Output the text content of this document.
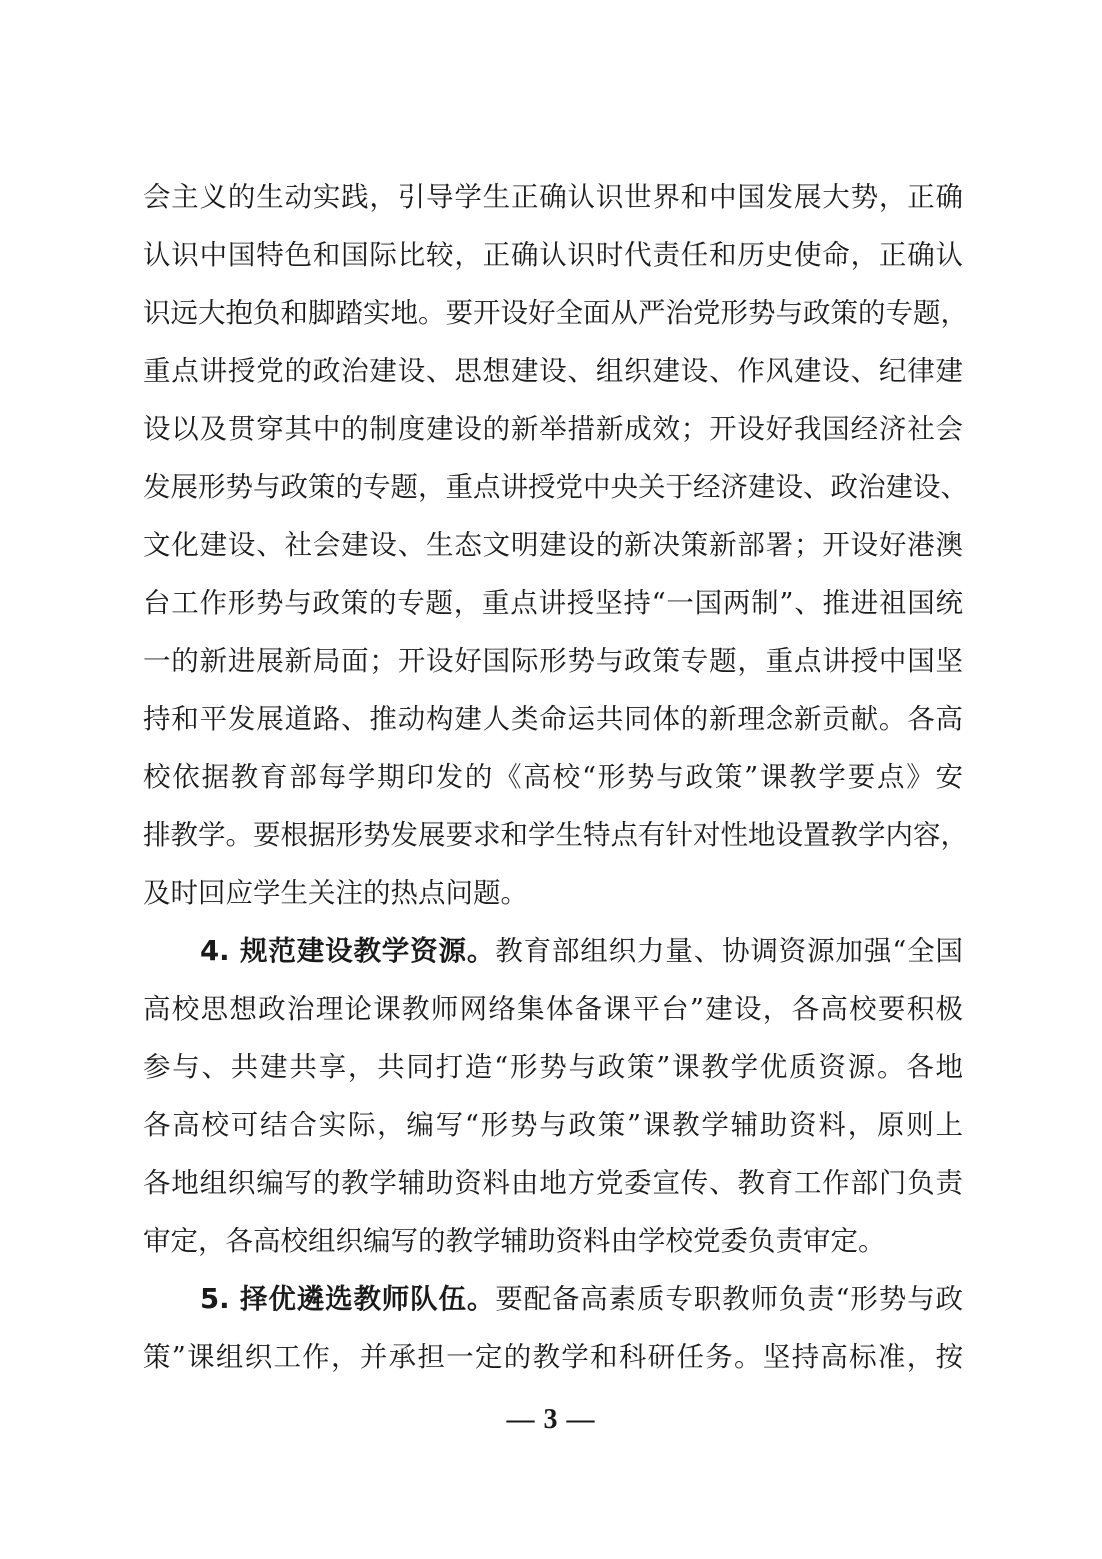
会主义的生动实践，引导学生正确认识世界和中国发展大势，正确
认识中国特色和国际比较，正确认识时代责任和历史使命，正确认
识远大抱负和脚踏实地。要开设好全面从严治党形势与政策的专题，
重点讲授党的政治建设、思想建设、组织建设、作风建设、纪律建
设以及贯穿其中的制度建设的新举措新成效；开设好我国经济社会
发展形势与政策的专题，重点讲授党中央关于经济建设、政治建设、
文化建设、社会建设、生态文明建设的新决策新部署；开设好港澳
台工作形势与政策的专题，重点讲授坚持“一国两制”、推进祖国统
一的新进展新局面；开设好国际形势与政策专题，重点讲授中国坚
持和平发展道路、推动构建人类命运共同体的新理念新贡献。各高
校依据教育部每学期印发的《高校“形势与政策”课教学要点》安
排教学。要根据形势发展要求和学生特点有针对性地设置教学内容，
及时回应学生关注的热点问题。
4. 规范建设教学资源。教育部组织力量、协调资源加强“全国
高校思想政治理论课教师网络集体备课平台”建设，各高校要积极
参与、共建共享，共同打造“形势与政策”课教学优质资源。各地
各高校可结合实际，编写“形势与政策”课教学辅助资料，原则上
各地组织编写的教学辅助资料由地方党委宣传、教育工作部门负责
审定，各高校组织编写的教学辅助资料由学校党委负责审定。
5. 择优遴选教师队伍。要配备高素质专职教师负责“形势与政
策”课组织工作，并承担一定的教学和科研任务。坚持高标准，按
— 3 —
